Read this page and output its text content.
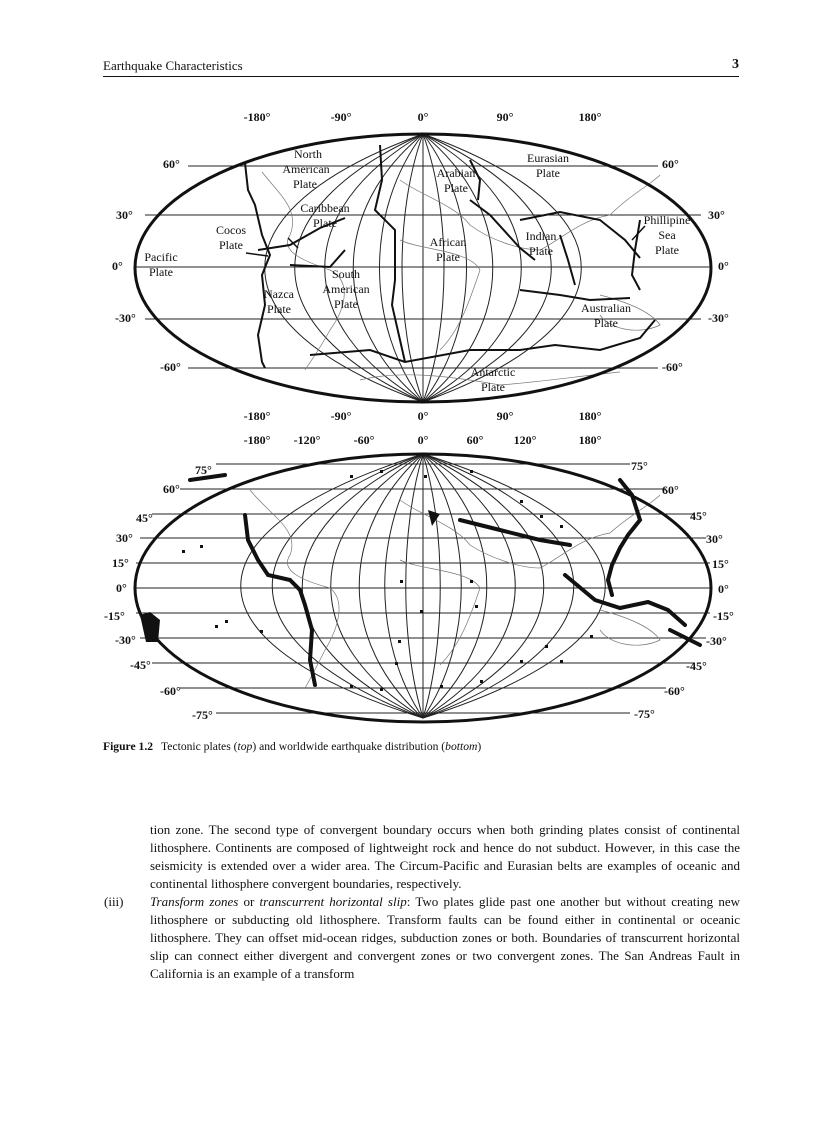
Earthquake Characteristics	3
-180°	-90°	0°	90°	180°
-180°	-90°	0°	90°	180°
60°
30°
0°
-30°
-60°
60°
30°
0°
-30°
-60°
North
American
Plate
Eurasian
Plate
Arabian
Plate
Caribbean
Plate
Cocos
Plate
Phillipine
Sea
Plate
Pacific
Plate
African
Plate
Indian
Plate
South
American
Plate
Nazca
Plate	Australian
Plate
Antarctic
Plate
-180° -120°	-60°	0°	60°	120°	180°
75°
60°
45°
30°
15°
0°
-15°
-30°
-45°
-60°
-75°
75°
60°
45°
30°
15°
0°
-15°
-30°
-45°
-60°
-75°
Figure 1.2 Tectonic plates (top) and worldwide earthquake distribution (bottom)

tion zone. The second type of convergent boundary occurs when both grinding plates consist of continental lithosphere. Continents are composed of lightweight rock and hence do not subduct. However, in this case the seismicity is extended over a wider area. The Circum-Pacific and Eurasian belts are examples of oceanic and continental lithosphere convergent boundaries, respectively.

(iii) Transform zones or transcurrent horizontal slip: Two plates glide past one another but without creating new lithosphere or subducting old lithosphere. Transform faults can be found either in continental or oceanic lithosphere. They can offset mid-ocean ridges, subduction zones or both. Boundaries of transcurrent horizontal slip can connect either divergent and convergent zones or two convergent zones. The San Andreas Fault in California is an example of a transform
